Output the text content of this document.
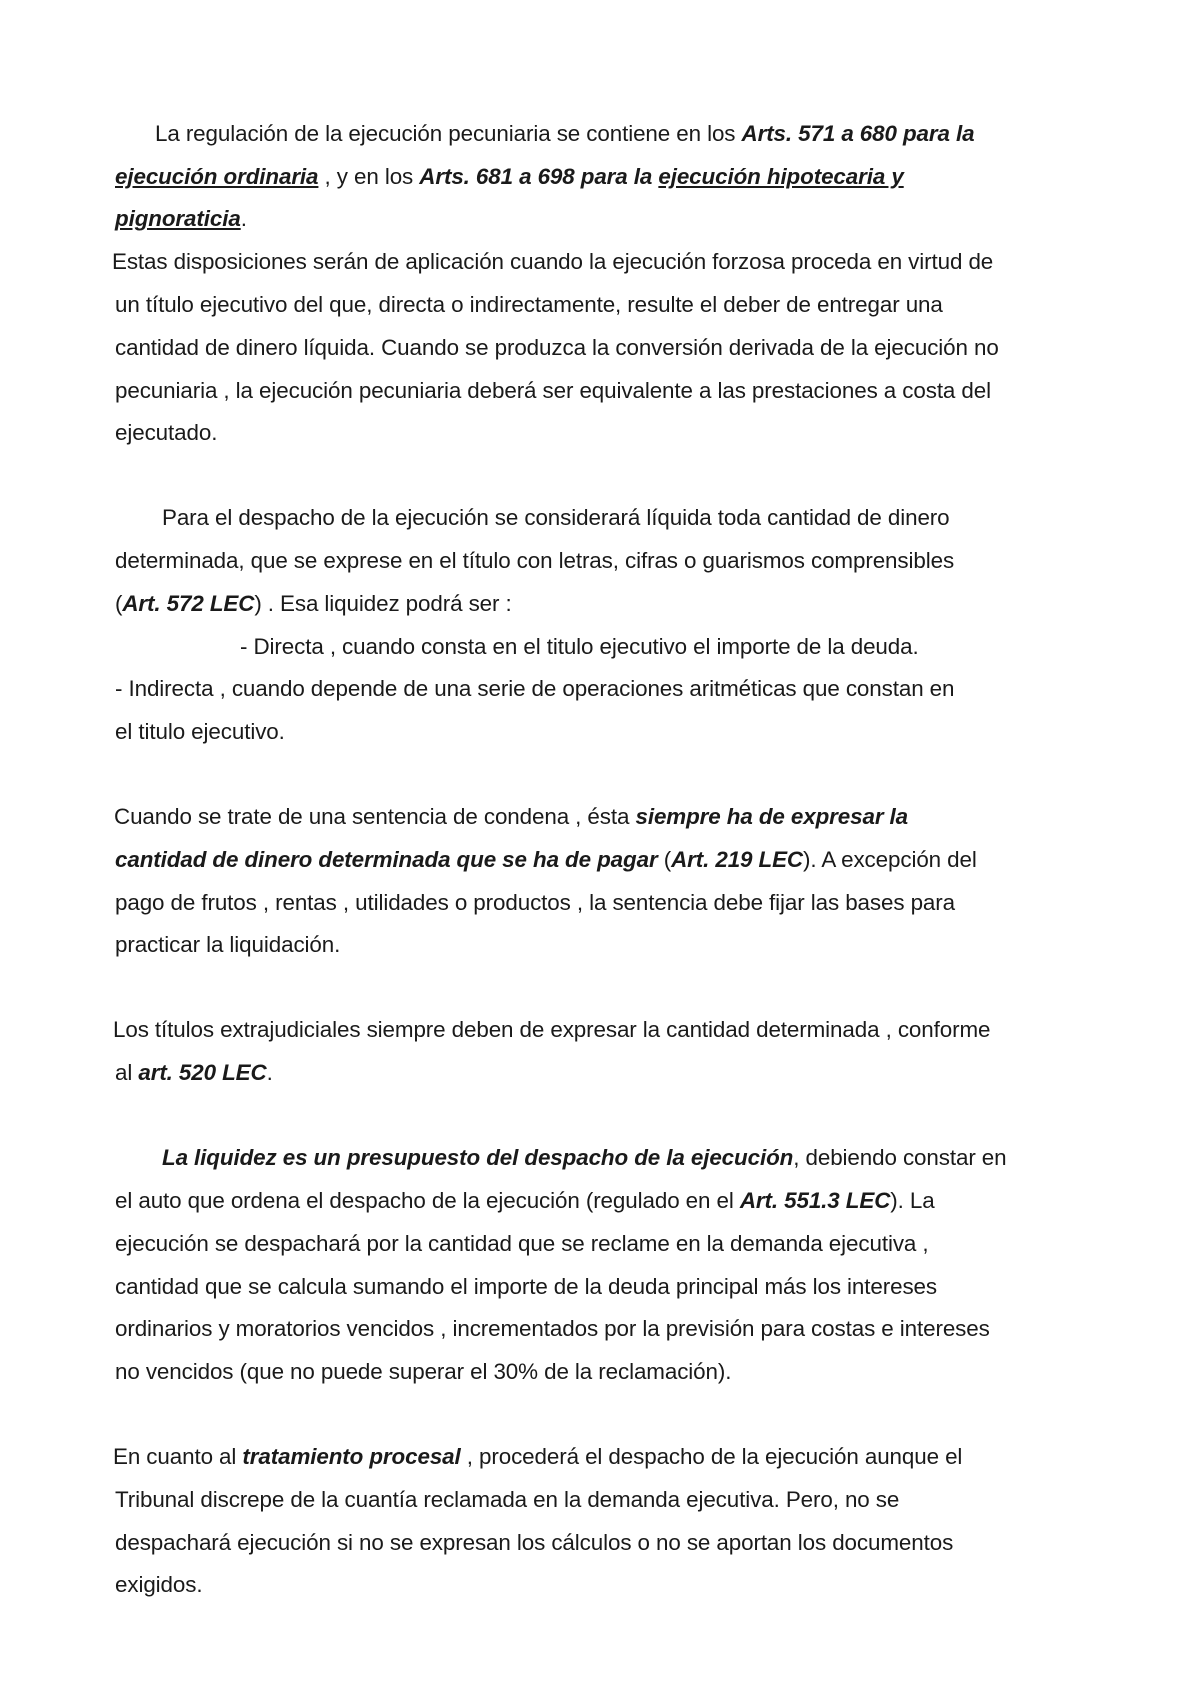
La regulación de la ejecución pecuniaria se contiene en los Arts. 571 a 680 para la
ejecución ordinaria , y en los Arts. 681 a 698 para la ejecución hipotecaria y
pignoraticia.
Estas disposiciones serán de aplicación cuando la ejecución forzosa proceda en virtud de
un título ejecutivo del que, directa o indirectamente, resulte el deber de entregar una
cantidad de dinero líquida. Cuando se produzca la conversión derivada de la ejecución no
pecuniaria , la ejecución pecuniaria deberá ser equivalente a las prestaciones a costa del
ejecutado.
Para el despacho de la ejecución se considerará líquida toda cantidad de dinero
determinada, que se exprese en el título con letras, cifras o guarismos comprensibles
(Art. 572 LEC) . Esa liquidez podrá ser :
- Directa , cuando consta en el titulo ejecutivo el importe de la deuda.
- Indirecta , cuando depende de una serie de operaciones aritméticas que constan en
el titulo ejecutivo.
Cuando se trate de una sentencia de condena , ésta siempre ha de expresar la
cantidad de dinero determinada que se ha de pagar (Art. 219 LEC). A excepción del
pago de frutos , rentas , utilidades o productos , la sentencia debe fijar las bases para
practicar la liquidación.
Los títulos extrajudiciales siempre deben de expresar la cantidad determinada , conforme
al art. 520 LEC.
La liquidez es un presupuesto del despacho de la ejecución, debiendo constar en
el auto que ordena el despacho de la ejecución (regulado en el Art. 551.3 LEC). La
ejecución se despachará por la cantidad que se reclame en la demanda ejecutiva ,
cantidad que se calcula sumando el importe de la deuda principal más los intereses
ordinarios y moratorios vencidos , incrementados por la previsión para costas e intereses
no vencidos (que no puede superar el 30% de la reclamación).
En cuanto al tratamiento procesal , procederá el despacho de la ejecución aunque el
Tribunal discrepe de la cuantía reclamada en la demanda ejecutiva. Pero, no se
despachará ejecución si no se expresan los cálculos o no se aportan los documentos
exigidos.
